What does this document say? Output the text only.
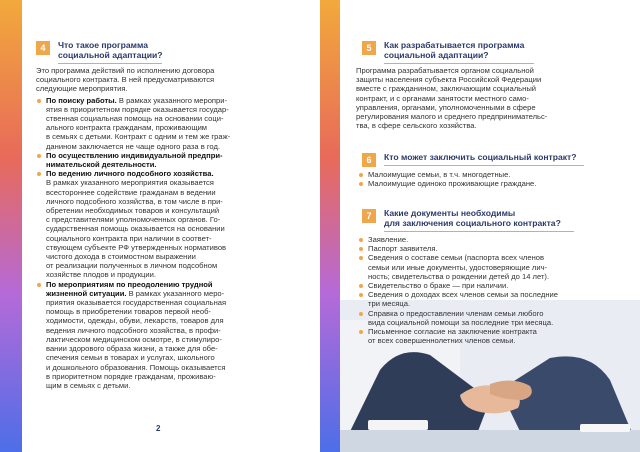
4	Что такое программа
социальной адаптации?

Это программа действий по исполнению договора

социального контракта. В ней предусматриваются

следующие мероприятия.

По поиску работы. В рамках указанного меропри-
ятия в приоритетном порядке оказывается государ-
ственная социальная помощь на основании соци-
ального контракта гражданам, проживающим
в семьях с детьми. Контракт с одним и тем же граж-
данином заключается не чаще одного раза в год.
По осуществлению индивидуальной предпри-
нимательской деятельности.
По ведению личного подсобного хозяйства.
В рамках указанного мероприятия оказывается
всестороннее содействие гражданам в ведении
личного подсобного хозяйства, в том числе в при-
обретении необходимых товаров и консультаций
с представителями уполномоченных органов. Го-
сударственная помощь оказывается на основании
социального контракта при наличии в соответ-
ствующем субъекте РФ утвержденных нормативов
чистого дохода в стоимостном выражении
от реализации полученных в личном подсобном
хозяйстве плодов и продукции.
По мероприятиям по преодолению трудной
жизненной ситуации. В рамках указанного меро-
приятия оказывается государственная социальная
помощь в приобретении товаров первой необ-
ходимости, одежды, обуви, лекарств, товаров для
ведения личного подсобного хозяйства, в профи-
лактическом медицинском осмотре, в стимулиро-
вании здорового образа жизни, а также для обе-
спечения семьи в товарах и услугах, школьного
и дошкольного образования. Помощь оказывается
в приоритетном порядке гражданам, проживаю-
щим в семьях с детьми.
2
5	Как разрабатывается программа
социальной адаптации?

Программа разрабатывается органом социальной

защиты населения субъекта Российской Федерации

вместе с гражданином, заключающим социальный

контракт, и с органами занятости местного само-

управления, органами, уполномоченными в сфере

регулирования малого и среднего предпринимательс-

тва, в сфере сельского хозяйства.

6	Кто может заключить социальный контракт?
Малоимущие семьи, в т.ч. многодетные.
Малоимущие одиноко проживающие граждане.
7	Какие документы необходимы
для заключения социального контракта?
Заявление.
Паспорт заявителя.
Сведения о составе семьи (паспорта всех членов
семьи или иные документы, удостоверяющие лич-
ность; свидетельства о рождении детей до 14 лет).
Свидетельство о браке — при наличии.
Сведения о доходах всех членов семьи за последние
три месяца.
Справка о предоставлении членам семьи любого
вида социальной помощи за последние три месяца.
Письменное согласие на заключение контракта
от всех совершеннолетних членов семьи.
